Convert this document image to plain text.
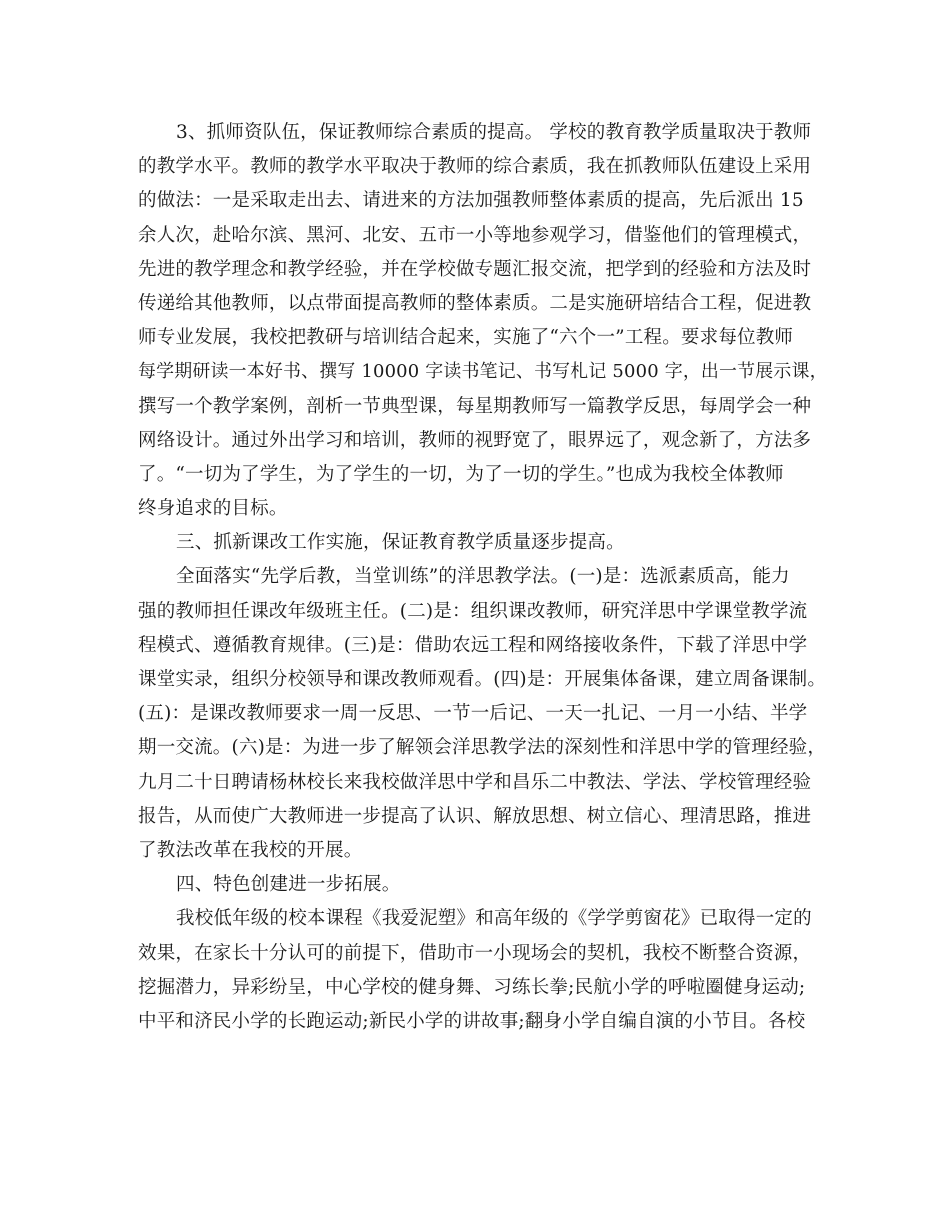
3、抓师资队伍，保证教师综合素质的提高。 学校的教育教学质量取决于教师
的教学水平。教师的教学水平取决于教师的综合素质，我在抓教师队伍建设上采用
的做法：一是采取走出去、请进来的方法加强教师整体素质的提高，先后派出 15
余人次，赴哈尔滨、黑河、北安、五市一小等地参观学习，借鉴他们的管理模式，
先进的教学理念和教学经验，并在学校做专题汇报交流，把学到的经验和方法及时
传递给其他教师，以点带面提高教师的整体素质。二是实施研培结合工程，促进教
师专业发展，我校把教研与培训结合起来，实施了“六个一”工程。要求每位教师
每学期研读一本好书、撰写 10000 字读书笔记、书写札记 5000 字，出一节展示课，
撰写一个教学案例，剖析一节典型课，每星期教师写一篇教学反思，每周学会一种
网络设计。通过外出学习和培训，教师的视野宽了，眼界远了，观念新了，方法多
了。“一切为了学生，为了学生的一切，为了一切的学生。”也成为我校全体教师
终身追求的目标。
三、抓新课改工作实施，保证教育教学质量逐步提高。
全面落实“先学后教，当堂训练”的洋思教学法。(一)是：选派素质高，能力
强的教师担任课改年级班主任。(二)是：组织课改教师，研究洋思中学课堂教学流
程模式、遵循教育规律。(三)是：借助农远工程和网络接收条件，下载了洋思中学
课堂实录，组织分校领导和课改教师观看。(四)是：开展集体备课，建立周备课制。
(五)：是课改教师要求一周一反思、一节一后记、一天一扎记、一月一小结、半学
期一交流。(六)是：为进一步了解领会洋思教学法的深刻性和洋思中学的管理经验，
九月二十日聘请杨林校长来我校做洋思中学和昌乐二中教法、学法、学校管理经验
报告，从而使广大教师进一步提高了认识、解放思想、树立信心、理清思路，推进
了教法改革在我校的开展。
四、特色创建进一步拓展。
我校低年级的校本课程《我爱泥塑》和高年级的《学学剪窗花》已取得一定的
效果，在家长十分认可的前提下，借助市一小现场会的契机，我校不断整合资源，
挖掘潜力，异彩纷呈，中心学校的健身舞、习练长拳;民航小学的呼啦圈健身运动;
中平和济民小学的长跑运动;新民小学的讲故事;翻身小学自编自演的小节目。各校
